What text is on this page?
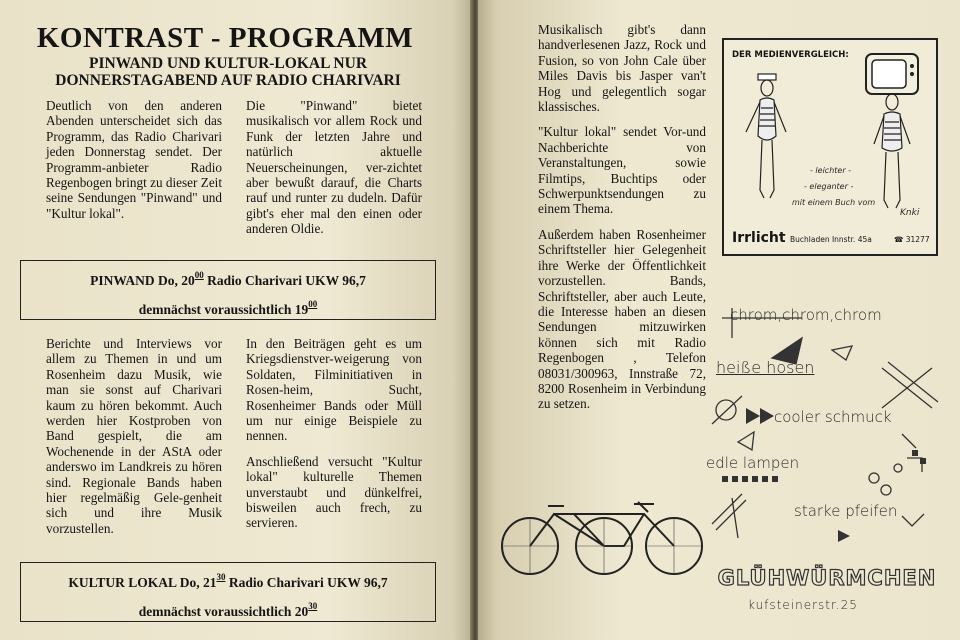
KONTRAST - PROGRAMM
PINWAND UND KULTUR-LOKAL NUR
DONNERSTAGABEND AUF RADIO CHARIVARI

Deutlich von den anderen Abenden unterscheidet sich das Programm, das Radio Charivari jeden Donnerstag sendet. Der Programm-anbieter Radio Regenbogen bringt zu dieser Zeit seine Sendungen "Pinwand" und "Kultur lokal".

Die "Pinwand" bietet musikalisch vor allem Rock und Funk der letzten Jahre und natürlich aktuelle Neuerscheinungen, ver-zichtet aber bewußt darauf, die Charts rauf und runter zu dudeln. Dafür gibt's eher mal den einen oder anderen Oldie.

PINWAND Do, $20^{00}$ Radio Charivari UKW 96,7
demnächst voraussichtlich $19^{00}$

Berichte und Interviews vor allem zu Themen in und um Rosenheim dazu Musik, wie man sie sonst auf Charivari kaum zu hören bekommt. Auch werden hier Kostproben von Band gespielt, die am Wochenende in der AStA oder anderswo im Landkreis zu hören sind. Regionale Bands haben hier regelmäßig Gele-genheit sich und ihre Musik vorzustellen.

In den Beiträgen geht es um Kriegsdienstver-weigerung von Soldaten, Filminitiativen in Rosen-heim, Sucht, Rosenheimer Bands oder Müll um nur einige Beispiele zu nennen.

Anschließend versucht "Kultur lokal" kulturelle Themen unverstaubt und dünkelfrei, bisweilen auch frech, zu servieren.

KULTUR LOKAL Do, $21^{30}$ Radio Charivari UKW 96,7
demnächst voraussichtlich $20^{30}$

Musikalisch gibt's dann handverlesenen Jazz, Rock und Fusion, so von John Cale über Miles Davis bis Jasper van't Hog und gelegentlich sogar klassisches.

"Kultur lokal" sendet Vor-und Nachberichte von Veranstaltungen, sowie Filmtips, Buchtips oder Schwerpunktsendungen zu einem Thema.

Außerdem haben Rosenheimer Schriftsteller hier Gelegenheit ihre Werke der Öffentlichkeit vorzustellen. Bands, Schriftsteller, aber auch Leute, die Interesse haben an diesen Sendungen mitzuwirken können sich mit Radio Regenbogen , Telefon 08031/300963, Innstraße 72, 8200 Rosenheim in Verbindung zu setzen.

DER MEDIENVERGLEICH:
- leichter -
- eleganter -
mit einem Buch vom
Knki
Irrlicht Buchladen Innstr. 45a	☎ 31277
chrom,chrom,chrom
heiße hosen
cooler schmuck
edle lampen
starke pfeifen
GLÜHWÜRMCHEN
kufsteinerstr.25
